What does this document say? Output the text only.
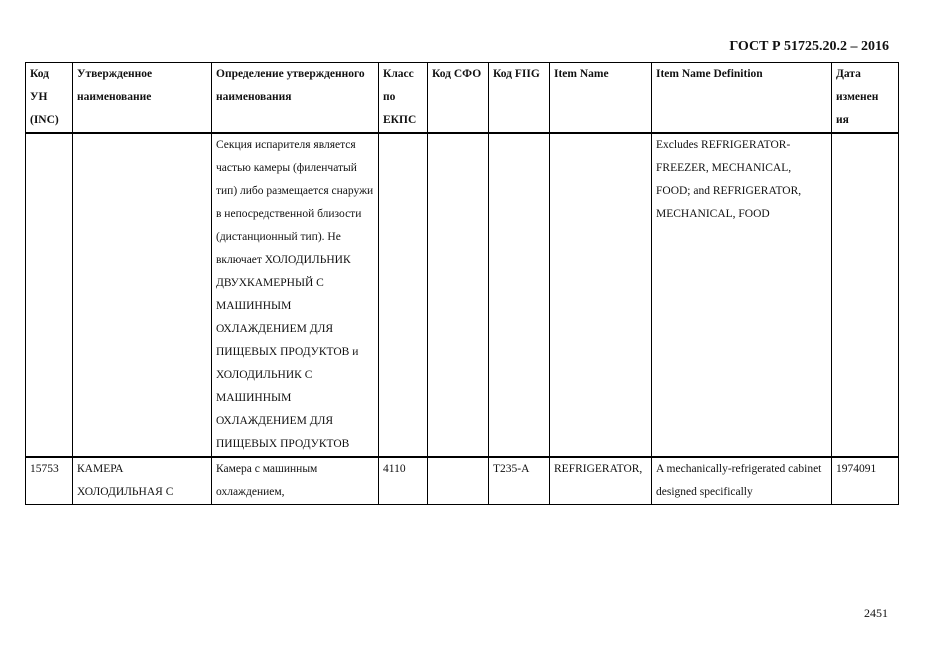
ГОСТ Р 51725.20.2 – 2016
Код УН (INC)	Утвержденное наименование	Определение утвержденного наименования	Класс по ЕКПС	Код СФО	Код FIIG	Item Name	Item Name Definition	Дата изменен ия
		Секция испарителя является частью камеры (филенчатый тип) либо размещается снаружи в непосредственной близости (дистанционный тип). Не включает ХОЛОДИЛЬНИК ДВУХКАМЕРНЫЙ С МАШИННЫМ ОХЛАЖДЕНИЕМ ДЛЯ ПИЩЕВЫХ ПРОДУКТОВ и ХОЛОДИЛЬНИК С МАШИННЫМ ОХЛАЖДЕНИЕМ ДЛЯ ПИЩЕВЫХ ПРОДУКТОВ					Excludes REFRIGERATOR-FREEZER, MECHANICAL, FOOD; and REFRIGERATOR, MECHANICAL, FOOD	
15753	КАМЕРА ХОЛОДИЛЬНАЯ С	Камера с машинным охлаждением,	4110		T235-A	REFRIGERATOR,	A mechanically-refrigerated cabinet designed specifically	1974091
2451
